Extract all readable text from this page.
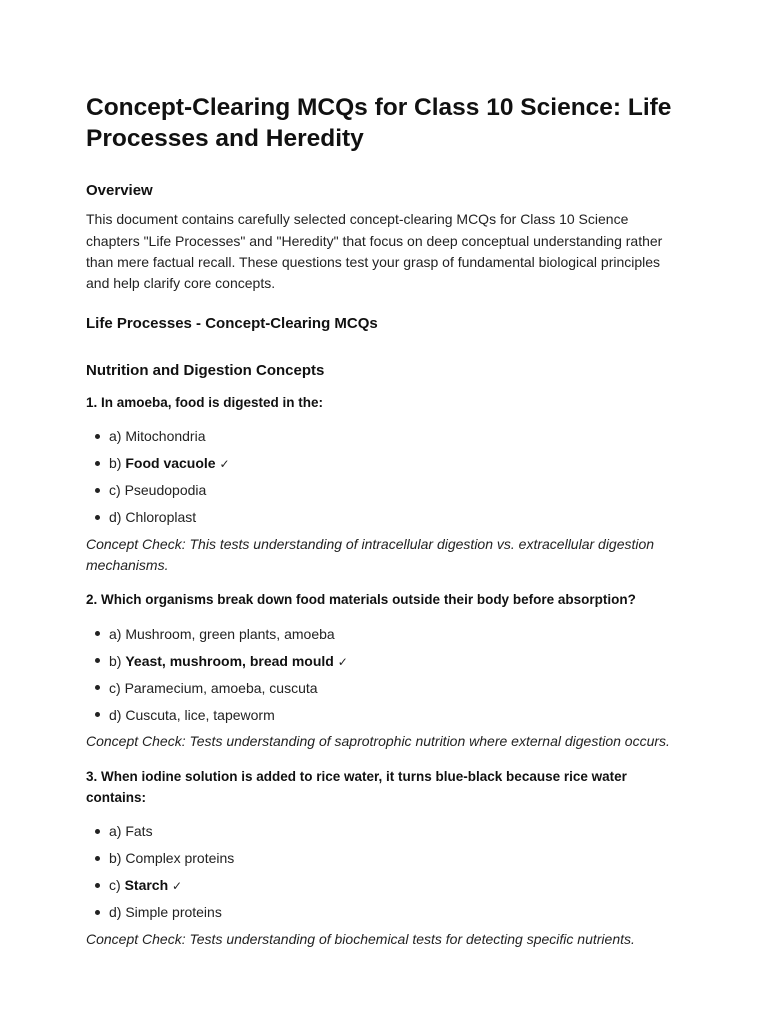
Concept-Clearing MCQs for Class 10 Science: Life Processes and Heredity
Overview

This document contains carefully selected concept-clearing MCQs for Class 10 Science chapters "Life Processes" and "Heredity" that focus on deep conceptual understanding rather than mere factual recall. These questions test your grasp of fundamental biological principles and help clarify core concepts.

Life Processes - Concept-Clearing MCQs
Nutrition and Digestion Concepts

1. In amoeba, food is digested in the:

a) Mitochondria
b) Food vacuole ✓
c) Pseudopodia
d) Chloroplast

Concept Check: This tests understanding of intracellular digestion vs. extracellular digestion mechanisms.

2. Which organisms break down food materials outside their body before absorption?

a) Mushroom, green plants, amoeba
b) Yeast, mushroom, bread mould ✓
c) Paramecium, amoeba, cuscuta
d) Cuscuta, lice, tapeworm

Concept Check: Tests understanding of saprotrophic nutrition where external digestion occurs.

3. When iodine solution is added to rice water, it turns blue-black because rice water contains:

a) Fats
b) Complex proteins
c) Starch ✓
d) Simple proteins

Concept Check: Tests understanding of biochemical tests for detecting specific nutrients.
